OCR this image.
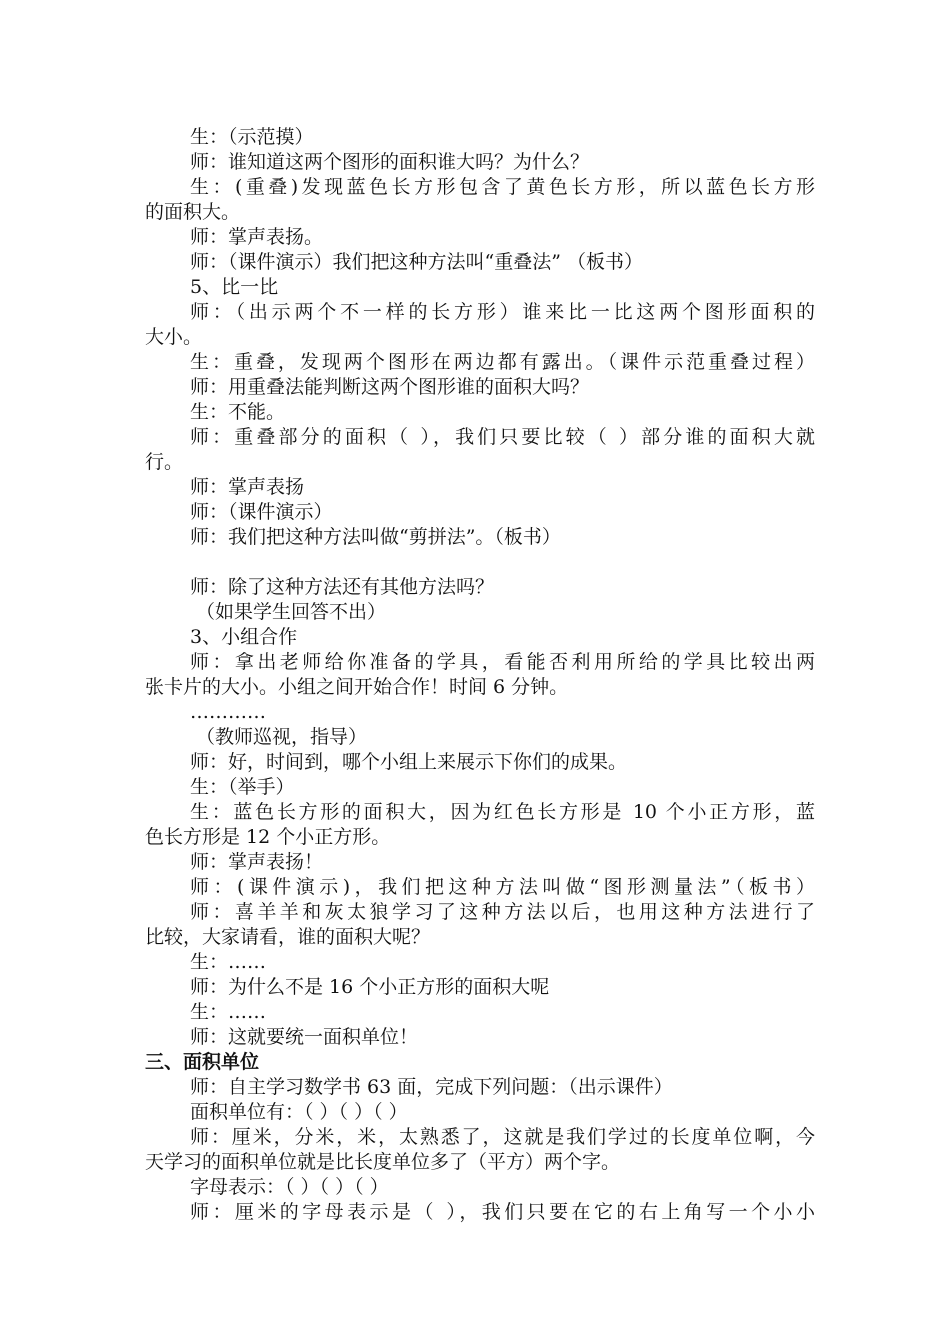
生：（示范摸）
师：谁知道这两个图形的面积谁大吗？为什么？
生：(重叠)发现蓝色长方形包含了黄色长方形，所以蓝色长方形
的面积大。
师：掌声表扬。
师：（课件演示）我们把这种方法叫“重叠法” （板书）
5、比一比
师：（出示两个不一样的长方形）谁来比一比这两个图形面积的
大小。
生：重叠，发现两个图形在两边都有露出。（课件示范重叠过程）
师：用重叠法能判断这两个图形谁的面积大吗？
生：不能。
师：重叠部分的面积（ ），我们只要比较（ ）部分谁的面积大就
行。
师：掌声表扬
师：（课件演示）
师：我们把这种方法叫做“剪拼法”。（板书）
师：除了这种方法还有其他方法吗？
（如果学生回答不出）
3、小组合作
师：拿出老师给你准备的学具，看能否利用所给的学具比较出两
张卡片的大小。小组之间开始合作！时间 6 分钟。
…………
（教师巡视，指导）
师：好，时间到，哪个小组上来展示下你们的成果。
生：（举手）
生：蓝色长方形的面积大，因为红色长方形是 10 个小正方形，蓝
色长方形是 12 个小正方形。
师：掌声表扬！
师：(课件演示)，我们把这种方法叫做“图形测量法”（板书）
师：喜羊羊和灰太狼学习了这种方法以后，也用这种方法进行了
比较，大家请看，谁的面积大呢？
生：……
师：为什么不是 16 个小正方形的面积大呢
生：……
师：这就要统一面积单位！
三、面积单位
师：自主学习数学书 63 面，完成下列问题：（出示课件）
面积单位有：（ ）（ ）（ ）
师：厘米，分米，米，太熟悉了，这就是我们学过的长度单位啊，今
天学习的面积单位就是比长度单位多了（平方）两个字。
字母表示：（ ）（ ）（ ）
师：厘米的字母表示是（ ），我们只要在它的右上角写一个小小
